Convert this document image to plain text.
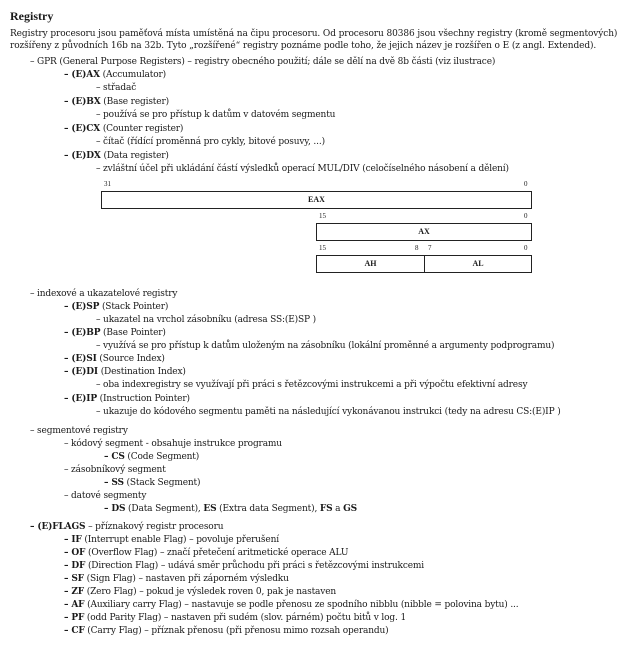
Registry
Registry procesoru jsou paměťová místa umístěná na čipu procesoru. Od procesoru 80386 jsou všechny registry (kromě segmentových) rozšířeny z původních 16b na 32b. Tyto „rozšířené“ registry poznáme podle toho, že jejich název je rozšířen o E (z angl. Extended).
– GPR (General Purpose Registers) – registry obecného použití; dále se dělí na dvě 8b části (viz ilustrace)
– (E)AX (Accumulator)
– střadač
– (E)BX (Base register)
– používá se pro přístup k datům v datovém segmentu
– (E)CX (Counter register)
– čítač (řídící proměnná pro cykly, bitové posuvy, ...)
– (E)DX (Data register)
– zvláštní účel při ukládání částí výsledků operací MUL/DIV (celočíselného násobení a dělení)
31	0
EAX
15	0
AX
15	8 7	0
AH	AL
– indexové a ukazatelové registry
– (E)SP (Stack Pointer)
– ukazatel na vrchol zásobníku (adresa SS:(E)SP )
– (E)BP (Base Pointer)
– využívá se pro přístup k datům uloženým na zásobníku (lokální proměnné a argumenty podprogramu)
– (E)SI (Source Index)
– (E)DI (Destination Index)
– oba indexregistry se využívají při práci s řetězcovými instrukcemi a při výpočtu efektivní adresy
– (E)IP (Instruction Pointer)
– ukazuje do kódového segmentu paměti na následující vykonávanou instrukci (tedy na adresu CS:(E)IP )
– segmentové registry
– kódový segment - obsahuje instrukce programu
– CS (Code Segment)
– zásobníkový segment
– SS (Stack Segment)
– datové segmenty
– DS (Data Segment), ES (Extra data Segment), FS a GS
– (E)FLAGS – příznakový registr procesoru
– IF (Interrupt enable Flag) – povoluje přerušení
– OF (Overflow Flag) – značí přetečení aritmetické operace ALU
– DF (Direction Flag) – udává směr průchodu při práci s řetězcovými instrukcemi
– SF (Sign Flag) – nastaven při záporném výsledku
– ZF (Zero Flag) – pokud je výsledek roven 0, pak je nastaven
– AF (Auxiliary carry Flag) – nastavuje se podle přenosu ze spodního nibblu (nibble = polovina bytu) ...
– PF (odd Parity Flag) – nastaven při sudém (slov. párném) počtu bitů v log. 1
– CF (Carry Flag) – příznak přenosu (při přenosu mimo rozsah operandu)
